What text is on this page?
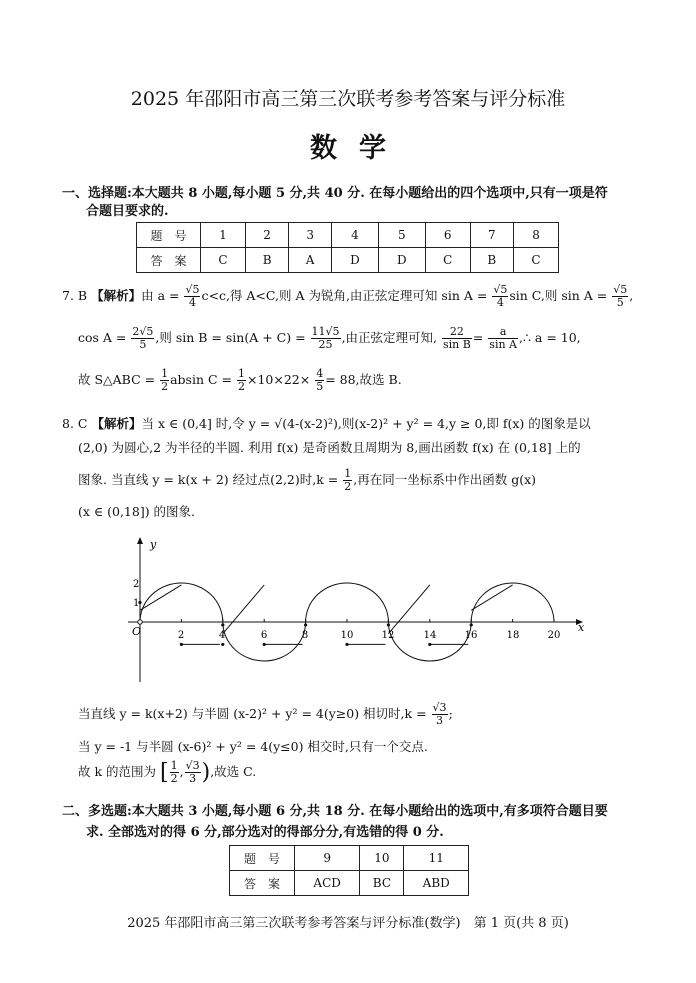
2025 年邵阳市高三第三次联考参考答案与评分标准
数学
一、选择题:本大题共 8 小题,每小题 5 分,共 40 分. 在每小题给出的四个选项中,只有一项是符
合题目要求的.
题　号	1	2	3	4	5	6	7	8
答　案	C	B	A	D	D	C	B	C
7. B 【解析】由 $a = \frac{√5}{4} c<c$,得 A<C,则 A 为锐角,由正弦定理可知 $\sin A = \frac{√5}{4}$ sin C,则 $\sin A = \frac{√5}{5}$ ,
$\cos A = \frac{2√5}{5}$ ,则 $\sin B = \sin(A + C) = \frac{11√5}{25}$ ,由正弦定理可知, $\frac{22}{\text{sin B}} = \frac{a}{\text{sin A}}$ ,∴ a = 10,
故 S△ABC = $\frac{1}{2}$ absin $C = \frac{1}{2} \times 10\times 22\times \frac{4}{5} = 88$,故选 B.
8. C 【解析】当 x ∈ (0,4] 时,令 y = √(4-(x-2)²),则(x-2)² + y² = 4,y ≥ 0,即 f(x) 的图象是以
(2,0) 为圆心,2 为半径的半圆. 利用 f(x) 是奇函数且周期为 8,画出函数 f(x) 在 (0,18] 上的
图象. 当直线 y = k(x + 2) 经过点(2,2)时$,k = \frac{1}{2}$ ,再在同一坐标系中作出函数 g(x)
(x ∈ (0,18]) 的图象.
y
x
O
2
1
2	4	6	8	10	12	14	16	18	20
当直线 y = k(x+2) 与半圆 (x-2)² + y² = 4(y≥0) 相切时$,k = \frac{√3}{3}$ ;
当 y = -1 与半圆 (x-6)² + y² = 4(y≤0) 相交时,只有一个交点.
故 k 的范围为 [ $\frac{1}{2}$ , $\frac{√3}{3}$ ),故选 C.
二、多选题:本大题共 3 小题,每小题 6 分,共 18 分. 在每小题给出的选项中,有多项符合题目要
求. 全部选对的得 6 分,部分选对的得部分分,有选错的得 0 分.
题　号	9	10	11
答　案	ACD	BC	ABD
2025 年邵阳市高三第三次联考参考答案与评分标准(数学)　第 1 页(共 8 页)
